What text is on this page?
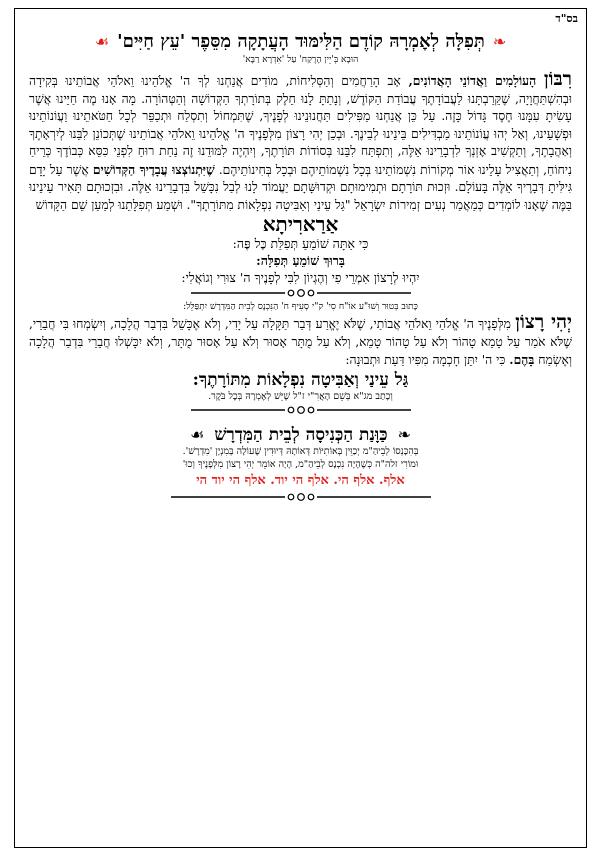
בס"ד
❧
תְּפִלָּה לְאׇמְרָהּ קוֹדֶם הַלִּימּוּד הָעֲתָקָה מִסֵּפֶר 'עֵץ חַיִּים'
☙
הוּבָא בְּ'יֵין הָרֶקַח' עַל 'אִדְרָא רַבָּא'
רִבּוֹן הָעוֹלָמִים וַאֲדוֹנֵי הָאֲדוֹנִים, אָב הָרַחֲמִים וְהַסְּלִיחוֹת, מוֹדִים אֲנַחְנוּ לְךָ ה' אֱלֹהֵינוּ וֵאלֹהֵי אֲבוֹתֵינוּ בְּקִידָה וּבְהִשְׁתַּחֲוָיָה, שֶׁקֵּרַבְתָּנוּ לַעֲבוֹדָתֶךָ עֲבוֹדַת הַקּוֹדֶשׁ, וְנָתַתָּ לָנוּ חֵלֶק בְּתוֹרָתְךָ הַקְּדוֹשָׁה וְהַטְּהוֹרָה. מָה אָנוּ מֶה חַיֵּינוּ אֲשֶׁר עָשִׂיתָ עִמָּנוּ חֶסֶד גָּדוֹל כָּזֶה. עַל כֵּן אֲנַחְנוּ מַפִּילִים תַּחֲנוּנֵינוּ לְפָנֶיךָ, שֶׁתִּמְחוֹל וְתִסְלַח וּתְכַפֵּר לְכָל חַטֹּאתֵינוּ וַעֲוֹנוֹתֵינוּ וּפְשָׁעֵינוּ, וְאַל יְהוּ עֲוֹנוֹתֵינוּ מַבְדִּילִים בֵּינֵינוּ לְבֵינֶךָ. וּבְכֵן יְהִי רָצוֹן מִלְּפָנֶיךָ ה' אֱלֹהֵינוּ וֵאלֹהֵי אֲבוֹתֵינוּ שֶׁתְּכוֹנֵן לִבֵּנוּ לְיִרְאָתֶךָ וְאַהֲבָתֶךָ, וְתַקְשִׁיב אׇזְנְךָ לִדְבָרֵינוּ אֵלֶּה, וְתִפְתַּח לִבֵּנוּ בְּסוֹדוֹת תּוֹרָתֶךָ, וְיִהְיֶה לִמּוּדֵנוּ זֶה נַחַת רוּחַ לִפְנֵי כִּסֵּא כְּבוֹדֶךָ כְּרֵיחַ נִיחוֹחַ, וְתַאֲצִיל עָלֵינוּ אוֹר מְקוֹרוֹת נִשְׁמוֹתֵינוּ בְּכָל נִשְׁמוֹתֵיהֶם וּבְכָל בְּחִינוֹתֵיהֶם. שֶׁיִּתְנוֹצְצוּ עֲבָדֶיךָ הַקְּדוֹשִׁים אֲשֶׁר עַל יָדָם גִּילִּיתָ דְּבָרֶיךָ אֵלֶּה בָּעוֹלָם. וּזְכוּת תּוֹרָתָם וּתְמִימוּתָם וּקְדוּשָּׁתָם יַעֲמוֹד לָנוּ לְבַל נִכָּשֵׁל בִּדְבָרֵינוּ אֵלֶּה. וּבִזְכוּתָם תָּאִיר עֵינֵינוּ בַּמֶּה שֶׁאָנוּ לוֹמְדִים כְּמַאֲמַר נְעִים זְמִירוֹת יִשְׂרָאֵל "גַּל עֵינַי וְאַבִּיטָה נִפְלָאוֹת מִתּוֹרָתֶךָ". וּשְׁמַע תְּפִלָּתֵנוּ לְמַעַן שֵׁם הַקָּדוֹשׁ
אַרַארִיתָא
כִּי אַתָּה שׁוֹמֵעַ תְּפִלַּת כׇּל פֶּה:
בָּרוּךְ שׁוֹמֵעַ תְּפִלָּה:
יִהְיוּ לְרָצוֹן אִמְרֵי פִי וְהֶגְיוֹן לִבִּי לְפָנֶיךָ ה' צוּרִי וְגוֹאֲלִי:
כָּתוּב בְּטוּר וְשׁוּ"ע אוֹ"ח סִי' ק"י סְעִיף ח' הַנִּכְנָס לְבֵית הַמִּדְרָשׁ יִתְפַּלֵּל:
יְהִי רָצוֹן מִלְּפָנֶיךָ ה' אֱלֹהַי וֵאלֹהֵי אֲבוֹתַי, שֶׁלֹּא יֶאֱרַע דְּבַר תַּקָּלָה עַל יָדִי, וְלֹא אֶכָּשֵׁל בִּדְבַר הֲלָכָה, וְיִשְׂמְחוּ בִּי חֲבֵרַי, שֶׁלֹּא אֹמַר עַל טָמֵא טָהוֹר וְלֹא עַל טָהוֹר טָמֵא, וְלֹא עַל מֻתָּר אָסוּר וְלֹא עַל אָסוּר מֻתָּר, וְלֹא יִכָּשְׁלוּ חֲבֵרַי בִּדְבַר הֲלָכָה וְאֶשְׂמַח בָּהֶם. כִּי ה' יִתֵּן חָכְמָה מִפִּיו דַּעַת וּתְבוּנָה:
גַּל עֵינַי וְאַבִּיטָה נִפְלָאוֹת מִתּוֹרָתֶךָ:
וְכָתַב מג"א בְּשֵׁם הָאֲרִ"י ז"ל שֶׁיֵּשׁ לְאׇמְרָהּ בְּכׇל בֹּקֶר.
❧
כַּוָּנַת הַכְּנִיסָה לְבֵית הַמִּדְרָשׁ
☙
בְּהִכָּנְסוֹ לְבֵיהַ"מ יְכַוֵּין בְּאוֹתִיּוֹת דְּאוֹתָהּ דְּיוּדִין שֶׁעוֹלָה בְּמִנְיָן 'מִדְרָשׁ'.
וּמוֹרִי זלה"ה כְּשֶׁהָיָה נִכְנָס לְבֵיהַ"מ, הָיָה אוֹמֵר יְהִי רָצוֹן מִלְּפָנֶיךָ וְכוּ'
אלף. אלף הי. אלף הי יוד. אלף הי יוד הי
